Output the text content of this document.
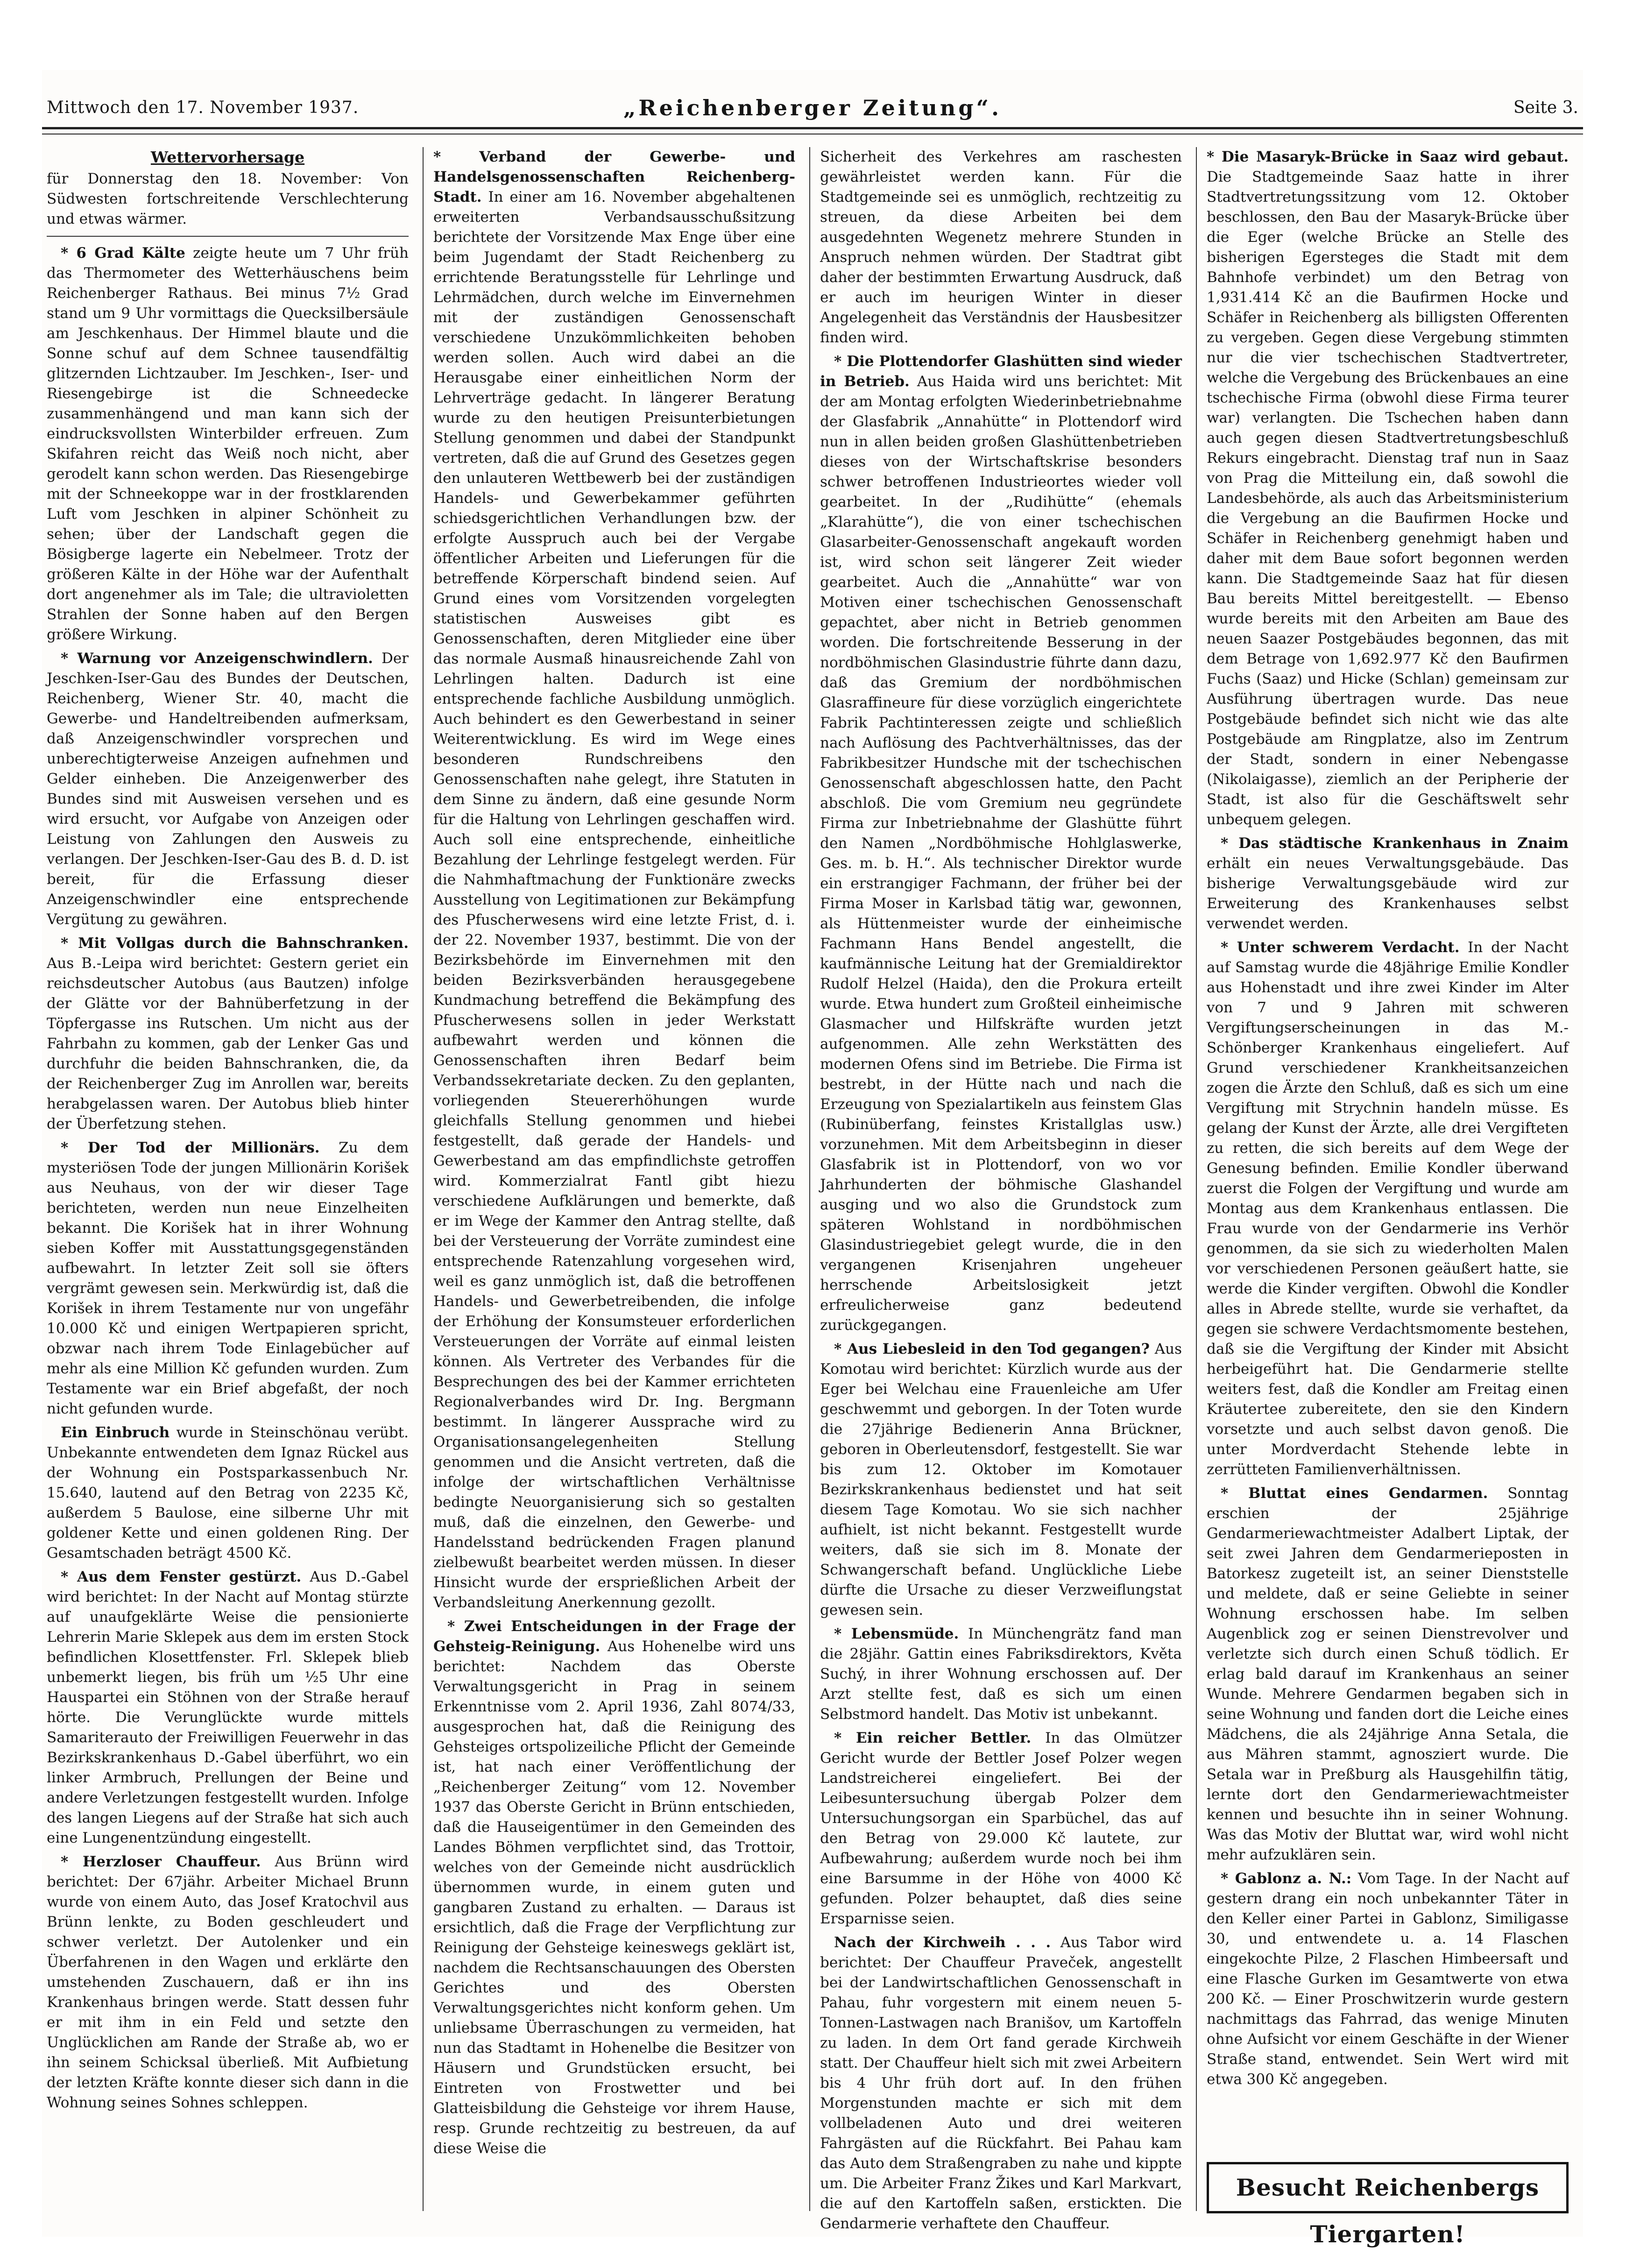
Mittwoch den 17. November 1937.	„Reichenberger Zeitung“.	Seite 3.
Wettervorhersage
für Donnerstag den 18. November: Von Südwesten fortschreitende Verschlechterung und etwas wärmer.

* 6 Grad Kälte zeigte heute um 7 Uhr früh das Thermometer des Wetterhäuschens beim Reichenberger Rathaus. Bei minus 7½ Grad stand um 9 Uhr vormittags die Quecksilbersäule am Jeschkenhaus. Der Himmel blaute und die Sonne schuf auf dem Schnee tausendfältig glitzernden Lichtzauber. Im Jeschken-, Iser- und Riesengebirge ist die Schneedecke zusammenhängend und man kann sich der eindrucksvollsten Winterbilder erfreuen. Zum Skifahren reicht das Weiß noch nicht, aber gerodelt kann schon werden. Das Riesengebirge mit der Schneekoppe war in der frostklarenden Luft vom Jeschken in alpiner Schönheit zu sehen; über der Landschaft gegen die Bösigberge lagerte ein Nebelmeer. Trotz der größeren Kälte in der Höhe war der Aufenthalt dort angenehmer als im Tale; die ultravioletten Strahlen der Sonne haben auf den Bergen größere Wirkung.

* Warnung vor Anzeigenschwindlern. Der Jeschken-Iser-Gau des Bundes der Deutschen, Reichenberg, Wiener Str. 40, macht die Gewerbe- und Handeltreibenden aufmerksam, daß Anzeigenschwindler vorsprechen und unberechtigterweise Anzeigen aufnehmen und Gelder einheben. Die Anzeigenwerber des Bundes sind mit Ausweisen versehen und es wird ersucht, vor Aufgabe von Anzeigen oder Leistung von Zahlungen den Ausweis zu verlangen. Der Jeschken-Iser-Gau des B. d. D. ist bereit, für die Erfassung dieser Anzeigenschwindler eine entsprechende Vergütung zu gewähren.

* Mit Vollgas durch die Bahnschranken. Aus B.-Leipa wird berichtet: Gestern geriet ein reichsdeutscher Autobus (aus Bautzen) infolge der Glätte vor der Bahnüberfetzung in der Töpfergasse ins Rutschen. Um nicht aus der Fahrbahn zu kommen, gab der Lenker Gas und durchfuhr die beiden Bahnschranken, die, da der Reichenberger Zug im Anrollen war, bereits herabgelassen waren. Der Autobus blieb hinter der Überfetzung stehen.

* Der Tod der Millionärs. Zu dem mysteriösen Tode der jungen Millionärin Korišek aus Neuhaus, von der wir dieser Tage berichteten, werden nun neue Einzelheiten bekannt. Die Korišek hat in ihrer Wohnung sieben Koffer mit Ausstattungsgegenständen aufbewahrt. In letzter Zeit soll sie öfters vergrämt gewesen sein. Merkwürdig ist, daß die Korišek in ihrem Testamente nur von ungefähr 10.000 Kč und einigen Wertpapieren spricht, obzwar nach ihrem Tode Einlagebücher auf mehr als eine Million Kč gefunden wurden. Zum Testamente war ein Brief abgefaßt, der noch nicht gefunden wurde.

Ein Einbruch wurde in Steinschönau verübt. Unbekannte entwendeten dem Ignaz Rückel aus der Wohnung ein Postsparkassenbuch Nr. 15.640, lautend auf den Betrag von 2235 Kč, außerdem 5 Baulose, eine silberne Uhr mit goldener Kette und einen goldenen Ring. Der Gesamtschaden beträgt 4500 Kč.

* Aus dem Fenster gestürzt. Aus D.-Gabel wird berichtet: In der Nacht auf Montag stürzte auf unaufgeklärte Weise die pensionierte Lehrerin Marie Sklepek aus dem im ersten Stock befindlichen Klosettfenster. Frl. Sklepek blieb unbemerkt liegen, bis früh um ½5 Uhr eine Hauspartei ein Stöhnen von der Straße herauf hörte. Die Verunglückte wurde mittels Samariterauto der Freiwilligen Feuerwehr in das Bezirkskrankenhaus D.-Gabel überführt, wo ein linker Armbruch, Prellungen der Beine und andere Verletzungen festgestellt wurden. Infolge des langen Liegens auf der Straße hat sich auch eine Lungenentzündung eingestellt.

* Herzloser Chauffeur. Aus Brünn wird berichtet: Der 67jähr. Arbeiter Michael Brunn wurde von einem Auto, das Josef Kratochvil aus Brünn lenkte, zu Boden geschleudert und schwer verletzt. Der Autolenker und ein Überfahrenen in den Wagen und erklärte den umstehenden Zuschauern, daß er ihn ins Krankenhaus bringen werde. Statt dessen fuhr er mit ihm in ein Feld und setzte den Unglücklichen am Rande der Straße ab, wo er ihn seinem Schicksal überließ. Mit Aufbietung der letzten Kräfte konnte dieser sich dann in die Wohnung seines Sohnes schleppen.

* Verband der Gewerbe- und Handelsgenossenschaften Reichenberg-Stadt. In einer am 16. November abgehaltenen erweiterten Verbandsausschußsitzung berichtete der Vorsitzende Max Enge über eine beim Jugendamt der Stadt Reichenberg zu errichtende Beratungsstelle für Lehrlinge und Lehrmädchen, durch welche im Einvernehmen mit der zuständigen Genossenschaft verschiedene Unzukömmlichkeiten behoben werden sollen. Auch wird dabei an die Herausgabe einer einheitlichen Norm der Lehrverträge gedacht. In längerer Beratung wurde zu den heutigen Preisunterbietungen Stellung genommen und dabei der Standpunkt vertreten, daß die auf Grund des Gesetzes gegen den unlauteren Wettbewerb bei der zuständigen Handels- und Gewerbekammer geführten schiedsgerichtlichen Verhandlungen bzw. der erfolgte Ausspruch auch bei der Vergabe öffentlicher Arbeiten und Lieferungen für die betreffende Körperschaft bindend seien. Auf Grund eines vom Vorsitzenden vorgelegten statistischen Ausweises gibt es Genossenschaften, deren Mitglieder eine über das normale Ausmaß hinausreichende Zahl von Lehrlingen halten. Dadurch ist eine entsprechende fachliche Ausbildung unmöglich. Auch behindert es den Gewerbestand in seiner Weiterentwicklung. Es wird im Wege eines besonderen Rundschreibens den Genossenschaften nahe gelegt, ihre Statuten in dem Sinne zu ändern, daß eine gesunde Norm für die Haltung von Lehrlingen geschaffen wird. Auch soll eine entsprechende, einheitliche Bezahlung der Lehrlinge festgelegt werden. Für die Nahmhaftmachung der Funktionäre zwecks Ausstellung von Legitimationen zur Bekämpfung des Pfuscherwesens wird eine letzte Frist, d. i. der 22. November 1937, bestimmt. Die von der Bezirksbehörde im Einvernehmen mit den beiden Bezirksverbänden herausgegebene Kundmachung betreffend die Bekämpfung des Pfuscherwesens sollen in jeder Werkstatt aufbewahrt werden und können die Genossenschaften ihren Bedarf beim Verbandssekretariate decken. Zu den geplanten, vorliegenden Steuererhöhungen wurde gleichfalls Stellung genommen und hiebei festgestellt, daß gerade der Handels- und Gewerbestand am das empfindlichste getroffen wird. Kommerzialrat Fantl gibt hiezu verschiedene Aufklärungen und bemerkte, daß er im Wege der Kammer den Antrag stellte, daß bei der Versteuerung der Vorräte zumindest eine entsprechende Ratenzahlung vorgesehen wird, weil es ganz unmöglich ist, daß die betroffenen Handels- und Gewerbetreibenden, die infolge der Erhöhung der Konsumsteuer erforderlichen Versteuerungen der Vorräte auf einmal leisten können. Als Vertreter des Verbandes für die Besprechungen des bei der Kammer errichteten Regionalverbandes wird Dr. Ing. Bergmann bestimmt. In längerer Aussprache wird zu Organisationsangelegenheiten Stellung genommen und die Ansicht vertreten, daß die infolge der wirtschaftlichen Verhältnisse bedingte Neuorganisierung sich so gestalten muß, daß die einzelnen, den Gewerbe- und Handelsstand bedrückenden Fragen planund zielbewußt bearbeitet werden müssen. In dieser Hinsicht wurde der ersprießlichen Arbeit der Verbandsleitung Anerkennung gezollt.

* Zwei Entscheidungen in der Frage der Gehsteig-Reinigung. Aus Hohenelbe wird uns berichtet: Nachdem das Oberste Verwaltungsgericht in Prag in seinem Erkenntnisse vom 2. April 1936, Zahl 8074/33, ausgesprochen hat, daß die Reinigung des Gehsteiges ortspolizeiliche Pflicht der Gemeinde ist, hat nach einer Veröffentlichung der „Reichenberger Zeitung“ vom 12. November 1937 das Oberste Gericht in Brünn entschieden, daß die Hauseigentümer in den Gemeinden des Landes Böhmen verpflichtet sind, das Trottoir, welches von der Gemeinde nicht ausdrücklich übernommen wurde, in einem guten und gangbaren Zustand zu erhalten. — Daraus ist ersichtlich, daß die Frage der Verpflichtung zur Reinigung der Gehsteige keineswegs geklärt ist, nachdem die Rechtsanschauungen des Obersten Gerichtes und des Obersten Verwaltungsgerichtes nicht konform gehen. Um unliebsame Überraschungen zu vermeiden, hat nun das Stadtamt in Hohenelbe die Besitzer von Häusern und Grundstücken ersucht, bei Eintreten von Frostwetter und bei Glatteisbildung die Gehsteige vor ihrem Hause, resp. Grunde rechtzeitig zu bestreuen, da auf diese Weise die

Sicherheit des Verkehres am raschesten gewährleistet werden kann. Für die Stadtgemeinde sei es unmöglich, rechtzeitig zu streuen, da diese Arbeiten bei dem ausgedehnten Wegenetz mehrere Stunden in Anspruch nehmen würden. Der Stadtrat gibt daher der bestimmten Erwartung Ausdruck, daß er auch im heurigen Winter in dieser Angelegenheit das Verständnis der Hausbesitzer finden wird.

* Die Plottendorfer Glashütten sind wieder in Betrieb. Aus Haida wird uns berichtet: Mit der am Montag erfolgten Wiederinbetriebnahme der Glasfabrik „Annahütte“ in Plottendorf wird nun in allen beiden großen Glashüttenbetrieben dieses von der Wirtschaftskrise besonders schwer betroffenen Industrieortes wieder voll gearbeitet. In der „Rudihütte“ (ehemals „Klarahütte“), die von einer tschechischen Glasarbeiter-Genossenschaft angekauft worden ist, wird schon seit längerer Zeit wieder gearbeitet. Auch die „Annahütte“ war von Motiven einer tschechischen Genossenschaft gepachtet, aber nicht in Betrieb genommen worden. Die fortschreitende Besserung in der nordböhmischen Glasindustrie führte dann dazu, daß das Gremium der nordböhmischen Glasraffineure für diese vorzüglich eingerichtete Fabrik Pachtinteressen zeigte und schließlich nach Auflösung des Pachtverhältnisses, das der Fabrikbesitzer Hundsche mit der tschechischen Genossenschaft abgeschlossen hatte, den Pacht abschloß. Die vom Gremium neu gegründete Firma zur Inbetriebnahme der Glashütte führt den Namen „Nordböhmische Hohlglaswerke, Ges. m. b. H.“. Als technischer Direktor wurde ein erstrangiger Fachmann, der früher bei der Firma Moser in Karlsbad tätig war, gewonnen, als Hüttenmeister wurde der einheimische Fachmann Hans Bendel angestellt, die kaufmännische Leitung hat der Gremialdirektor Rudolf Helzel (Haida), den die Prokura erteilt wurde. Etwa hundert zum Großteil einheimische Glasmacher und Hilfskräfte wurden jetzt aufgenommen. Alle zehn Werkstätten des modernen Ofens sind im Betriebe. Die Firma ist bestrebt, in der Hütte nach und nach die Erzeugung von Spezialartikeln aus feinstem Glas (Rubinüberfang, feinstes Kristallglas usw.) vorzunehmen. Mit dem Arbeitsbeginn in dieser Glasfabrik ist in Plottendorf, von wo vor Jahrhunderten der böhmische Glashandel ausging und wo also die Grundstock zum späteren Wohlstand in nordböhmischen Glasindustriegebiet gelegt wurde, die in den vergangenen Krisenjahren ungeheuer herrschende Arbeitslosigkeit jetzt erfreulicherweise ganz bedeutend zurückgegangen.

* Aus Liebesleid in den Tod gegangen? Aus Komotau wird berichtet: Kürzlich wurde aus der Eger bei Welchau eine Frauenleiche am Ufer geschwemmt und geborgen. In der Toten wurde die 27jährige Bedienerin Anna Brückner, geboren in Oberleutensdorf, festgestellt. Sie war bis zum 12. Oktober im Komotauer Bezirkskrankenhaus bedienstet und hat seit diesem Tage Komotau. Wo sie sich nachher aufhielt, ist nicht bekannt. Festgestellt wurde weiters, daß sie sich im 8. Monate der Schwangerschaft befand. Unglückliche Liebe dürfte die Ursache zu dieser Verzweiflungstat gewesen sein.

* Lebensmüde. In Münchengrätz fand man die 28jähr. Gattin eines Fabriksdirektors, Květa Suchý, in ihrer Wohnung erschossen auf. Der Arzt stellte fest, daß es sich um einen Selbstmord handelt. Das Motiv ist unbekannt.

* Ein reicher Bettler. In das Olmützer Gericht wurde der Bettler Josef Polzer wegen Landstreicherei eingeliefert. Bei der Leibesuntersuchung übergab Polzer dem Untersuchungsorgan ein Sparbüchel, das auf den Betrag von 29.000 Kč lautete, zur Aufbewahrung; außerdem wurde noch bei ihm eine Barsumme in der Höhe von 4000 Kč gefunden. Polzer behauptet, daß dies seine Ersparnisse seien.

Nach der Kirchweih . . . Aus Tabor wird berichtet: Der Chauffeur Praveček, angestellt bei der Landwirtschaftlichen Genossenschaft in Pahau, fuhr vorgestern mit einem neuen 5-Tonnen-Lastwagen nach Branišov, um Kartoffeln zu laden. In dem Ort fand gerade Kirchweih statt. Der Chauffeur hielt sich mit zwei Arbeitern bis 4 Uhr früh dort auf. In den frühen Morgenstunden machte er sich mit dem vollbeladenen Auto und drei weiteren Fahrgästen auf die Rückfahrt. Bei Pahau kam das Auto dem Straßengraben zu nahe und kippte um. Die Arbeiter Franz Žikes und Karl Markvart, die auf den Kartoffeln saßen, erstickten. Die Gendarmerie verhaftete den Chauffeur.

* Die Masaryk-Brücke in Saaz wird gebaut. Die Stadtgemeinde Saaz hatte in ihrer Stadtvertretungssitzung vom 12. Oktober beschlossen, den Bau der Masaryk-Brücke über die Eger (welche Brücke an Stelle des bisherigen Egersteges die Stadt mit dem Bahnhofe verbindet) um den Betrag von 1,931.414 Kč an die Baufirmen Hocke und Schäfer in Reichenberg als billigsten Offerenten zu vergeben. Gegen diese Vergebung stimmten nur die vier tschechischen Stadtvertreter, welche die Vergebung des Brückenbaues an eine tschechische Firma (obwohl diese Firma teurer war) verlangten. Die Tschechen haben dann auch gegen diesen Stadtvertretungsbeschluß Rekurs eingebracht. Dienstag traf nun in Saaz von Prag die Mitteilung ein, daß sowohl die Landesbehörde, als auch das Arbeitsministerium die Vergebung an die Baufirmen Hocke und Schäfer in Reichenberg genehmigt haben und daher mit dem Baue sofort begonnen werden kann. Die Stadtgemeinde Saaz hat für diesen Bau bereits Mittel bereitgestellt. — Ebenso wurde bereits mit den Arbeiten am Baue des neuen Saazer Postgebäudes begonnen, das mit dem Betrage von 1,692.977 Kč den Baufirmen Fuchs (Saaz) und Hicke (Schlan) gemeinsam zur Ausführung übertragen wurde. Das neue Postgebäude befindet sich nicht wie das alte Postgebäude am Ringplatze, also im Zentrum der Stadt, sondern in einer Nebengasse (Nikolaigasse), ziemlich an der Peripherie der Stadt, ist also für die Geschäftswelt sehr unbequem gelegen.

* Das städtische Krankenhaus in Znaim erhält ein neues Verwaltungsgebäude. Das bisherige Verwaltungsgebäude wird zur Erweiterung des Krankenhauses selbst verwendet werden.

* Unter schwerem Verdacht. In der Nacht auf Samstag wurde die 48jährige Emilie Kondler aus Hohenstadt und ihre zwei Kinder im Alter von 7 und 9 Jahren mit schweren Vergiftungserscheinungen in das M.-Schönberger Krankenhaus eingeliefert. Auf Grund verschiedener Krankheitsanzeichen zogen die Ärzte den Schluß, daß es sich um eine Vergiftung mit Strychnin handeln müsse. Es gelang der Kunst der Ärzte, alle drei Vergifteten zu retten, die sich bereits auf dem Wege der Genesung befinden. Emilie Kondler überwand zuerst die Folgen der Vergiftung und wurde am Montag aus dem Krankenhaus entlassen. Die Frau wurde von der Gendarmerie ins Verhör genommen, da sie sich zu wiederholten Malen vor verschiedenen Personen geäußert hatte, sie werde die Kinder vergiften. Obwohl die Kondler alles in Abrede stellte, wurde sie verhaftet, da gegen sie schwere Verdachtsmomente bestehen, daß sie die Vergiftung der Kinder mit Absicht herbeigeführt hat. Die Gendarmerie stellte weiters fest, daß die Kondler am Freitag einen Kräutertee zubereitete, den sie den Kindern vorsetzte und auch selbst davon genoß. Die unter Mordverdacht Stehende lebte in zerrütteten Familienverhältnissen.

* Bluttat eines Gendarmen. Sonntag erschien der 25jährige Gendarmeriewachtmeister Adalbert Liptak, der seit zwei Jahren dem Gendarmerieposten in Batorkesz zugeteilt ist, an seiner Dienststelle und meldete, daß er seine Geliebte in seiner Wohnung erschossen habe. Im selben Augenblick zog er seinen Dienstrevolver und verletzte sich durch einen Schuß tödlich. Er erlag bald darauf im Krankenhaus an seiner Wunde. Mehrere Gendarmen begaben sich in seine Wohnung und fanden dort die Leiche eines Mädchens, die als 24jährige Anna Setala, die aus Mähren stammt, agnosziert wurde. Die Setala war in Preßburg als Hausgehilfin tätig, lernte dort den Gendarmeriewachtmeister kennen und besuchte ihn in seiner Wohnung. Was das Motiv der Bluttat war, wird wohl nicht mehr aufzuklären sein.

* Gablonz a. N.: Vom Tage. In der Nacht auf gestern drang ein noch unbekannter Täter in den Keller einer Partei in Gablonz, Similigasse 30, und entwendete u. a. 14 Flaschen eingekochte Pilze, 2 Flaschen Himbeersaft und eine Flasche Gurken im Gesamtwerte von etwa 200 Kč. — Einer Proschwitzerin wurde gestern nachmittags das Fahrrad, das wenige Minuten ohne Aufsicht vor einem Geschäfte in der Wiener Straße stand, entwendet. Sein Wert wird mit etwa 300 Kč angegeben.

Besucht Reichenbergs Tiergarten!
